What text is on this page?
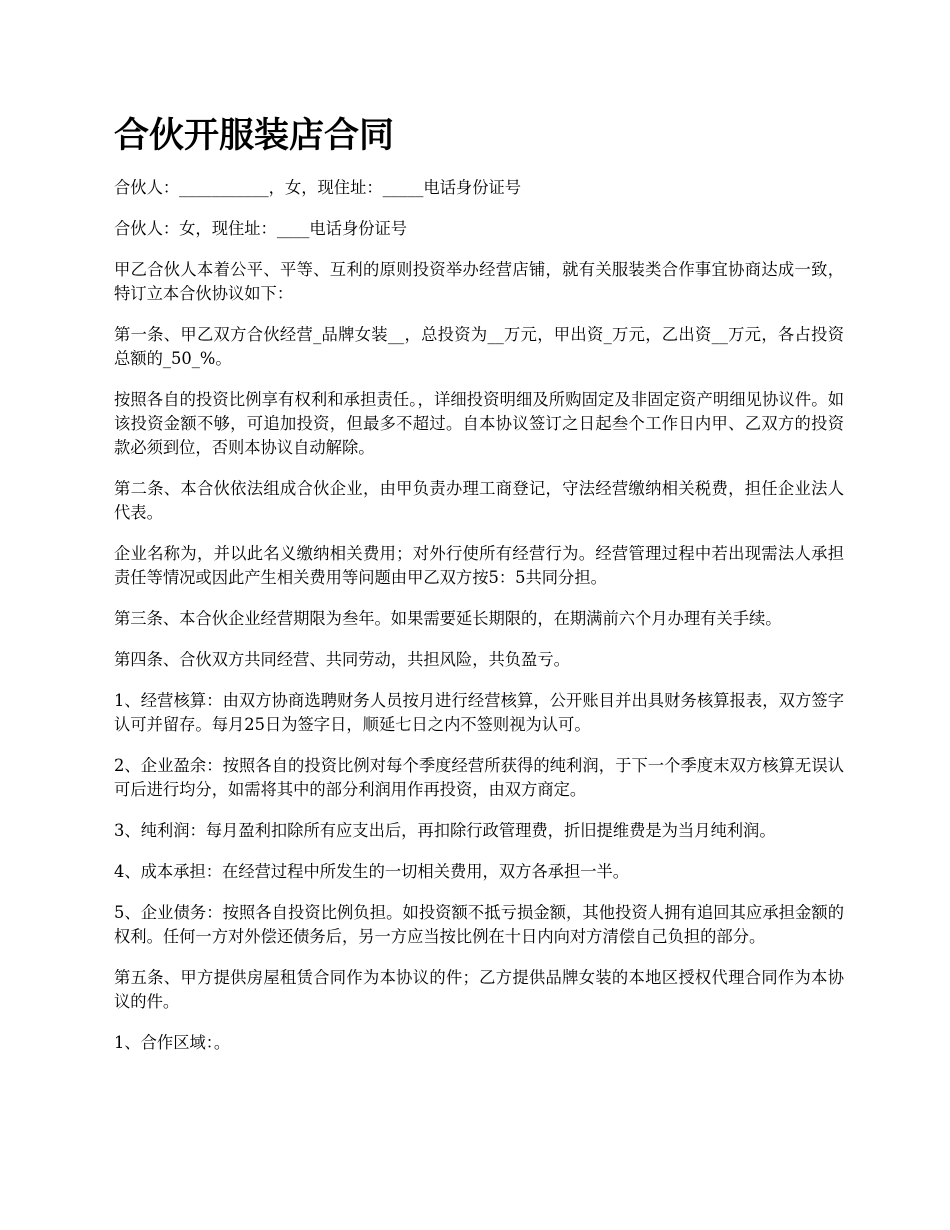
合伙开服装店合同

合伙人：___________，女，现住址：_____电话身份证号

合伙人：女，现住址：____电话身份证号

甲乙合伙人本着公平、平等、互利的原则投资举办经营店铺，就有关服装类合作事宜协商达成一致，特订立本合伙协议如下：

第一条、甲乙双方合伙经营_品牌女装__，总投资为__万元，甲出资_万元，乙出资__万元，各占投资总额的_50_%。

按照各自的投资比例享有权利和承担责任。，详细投资明细及所购固定及非固定资产明细见协议件。如该投资金额不够，可追加投资，但最多不超过。自本协议签订之日起叁个工作日内甲、乙双方的投资款必须到位，否则本协议自动解除。

第二条、本合伙依法组成合伙企业，由甲负责办理工商登记，守法经营缴纳相关税费，担任企业法人代表。

企业名称为，并以此名义缴纳相关费用；对外行使所有经营行为。经营管理过程中若出现需法人承担责任等情况或因此产生相关费用等问题由甲乙双方按5：5共同分担。

第三条、本合伙企业经营期限为叁年。如果需要延长期限的，在期满前六个月办理有关手续。

第四条、合伙双方共同经营、共同劳动，共担风险，共负盈亏。

1、经营核算：由双方协商选聘财务人员按月进行经营核算，公开账目并出具财务核算报表，双方签字认可并留存。每月25日为签字日，顺延七日之内不签则视为认可。

2、企业盈余：按照各自的投资比例对每个季度经营所获得的纯利润，于下一个季度末双方核算无误认可后进行均分，如需将其中的部分利润用作再投资，由双方商定。

3、纯利润：每月盈利扣除所有应支出后，再扣除行政管理费，折旧提维费是为当月纯利润。

4、成本承担：在经营过程中所发生的一切相关费用，双方各承担一半。

5、企业债务：按照各自投资比例负担。如投资额不抵亏损金额，其他投资人拥有追回其应承担金额的权利。任何一方对外偿还债务后，另一方应当按比例在十日内向对方清偿自己负担的部分。

第五条、甲方提供房屋租赁合同作为本协议的件；乙方提供品牌女装的本地区授权代理合同作为本协议的件。

1、合作区域：。
